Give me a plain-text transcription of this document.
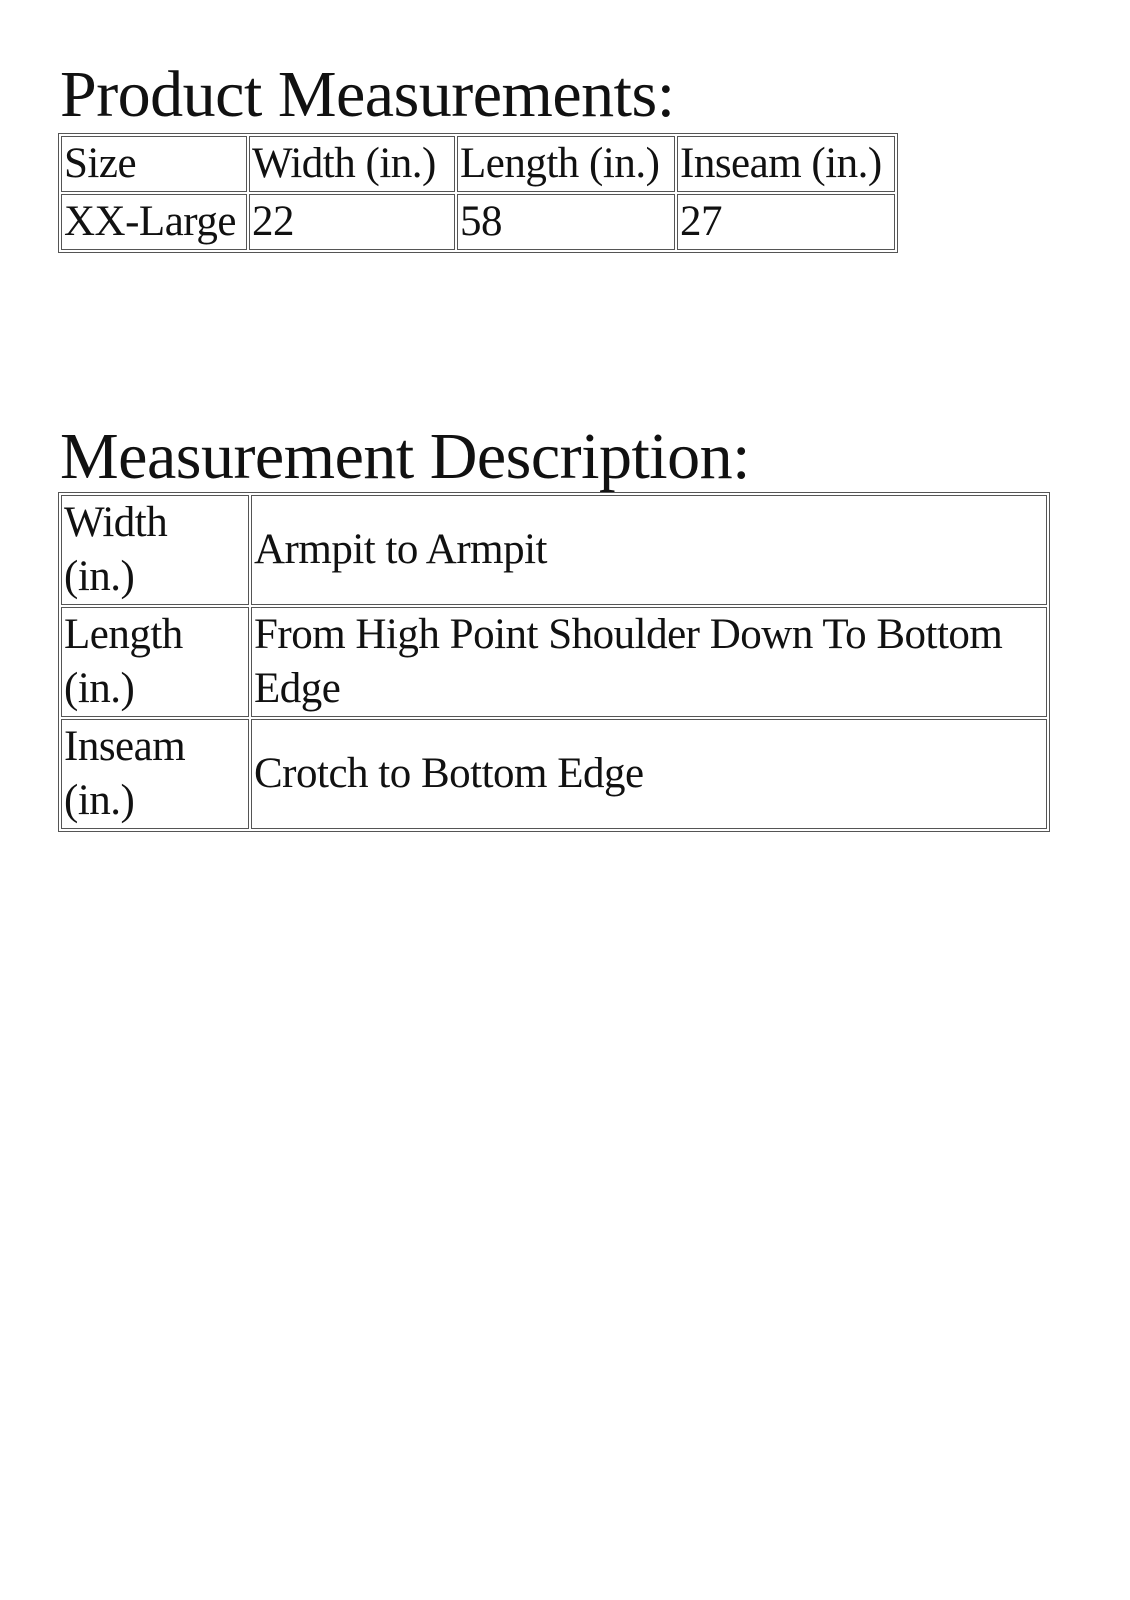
Product Measurements:
Size	Width (in.)	Length (in.)	Inseam (in.)
XX-Large	22	58	27
Measurement Description:
Width (in.)	Armpit to Armpit
Length (in.)	From High Point Shoulder Down To Bottom Edge
Inseam (in.)	Crotch to Bottom Edge
